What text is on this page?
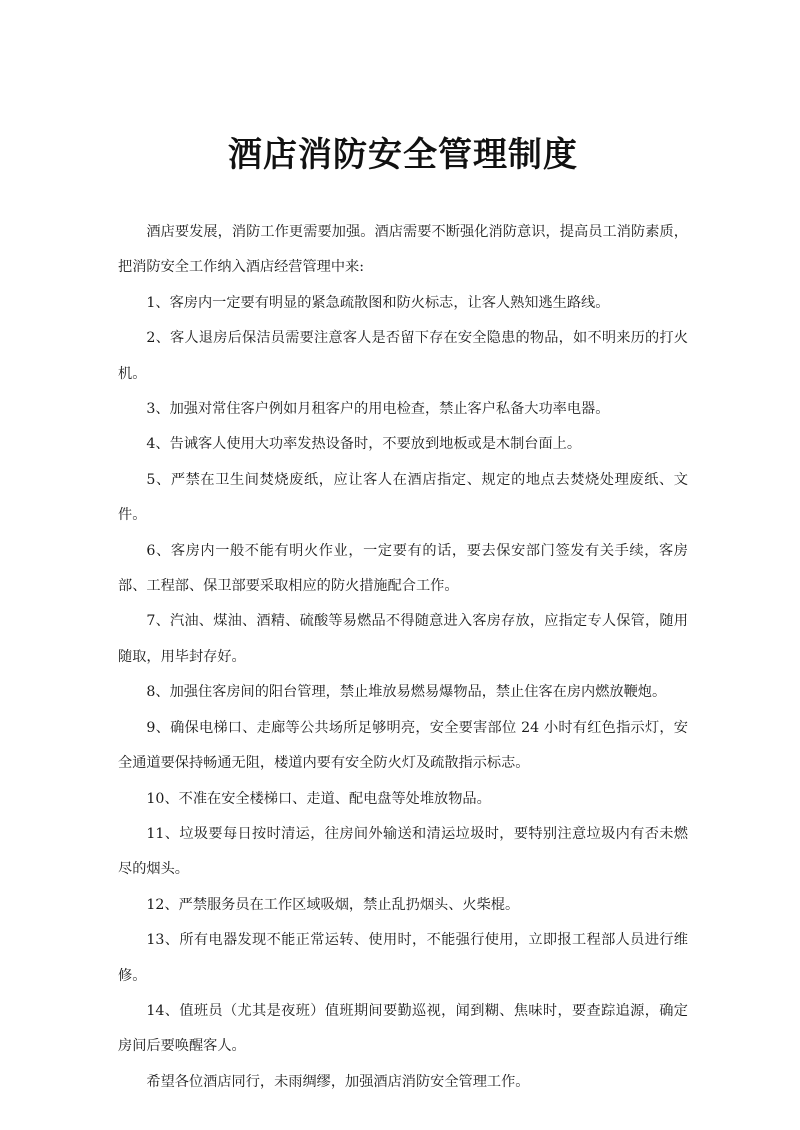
酒店消防安全管理制度

酒店要发展，消防工作更需要加强。酒店需要不断强化消防意识，提高员工消防素质，把消防安全工作纳入酒店经营管理中来:

1、客房内一定要有明显的紧急疏散图和防火标志，让客人熟知逃生路线。

2、客人退房后保洁员需要注意客人是否留下存在安全隐患的物品，如不明来历的打火机。

3、加强对常住客户例如月租客户的用电检查，禁止客户私备大功率电器。

4、告诫客人使用大功率发热设备时，不要放到地板或是木制台面上。

5、严禁在卫生间焚烧废纸，应让客人在酒店指定、规定的地点去焚烧处理废纸、文件。

6、客房内一般不能有明火作业，一定要有的话，要去保安部门签发有关手续，客房部、工程部、保卫部要采取相应的防火措施配合工作。

7、汽油、煤油、酒精、硫酸等易燃品不得随意进入客房存放，应指定专人保管，随用随取，用毕封存好。

8、加强住客房间的阳台管理，禁止堆放易燃易爆物品，禁止住客在房内燃放鞭炮。

9、确保电梯口、走廊等公共场所足够明亮，安全要害部位 24 小时有红色指示灯，安全通道要保持畅通无阻，楼道内要有安全防火灯及疏散指示标志。

10、不准在安全楼梯口、走道、配电盘等处堆放物品。

11、垃圾要每日按时清运，往房间外输送和清运垃圾时，要特别注意垃圾内有否未燃尽的烟头。

12、严禁服务员在工作区域吸烟，禁止乱扔烟头、火柴棍。

13、所有电器发现不能正常运转、使用时，不能强行使用，立即报工程部人员进行维修。

14、值班员（尤其是夜班）值班期间要勤巡视，闻到糊、焦味时，要查踪追源，确定房间后要唤醒客人。

希望各位酒店同行，未雨绸缪，加强酒店消防安全管理工作。
